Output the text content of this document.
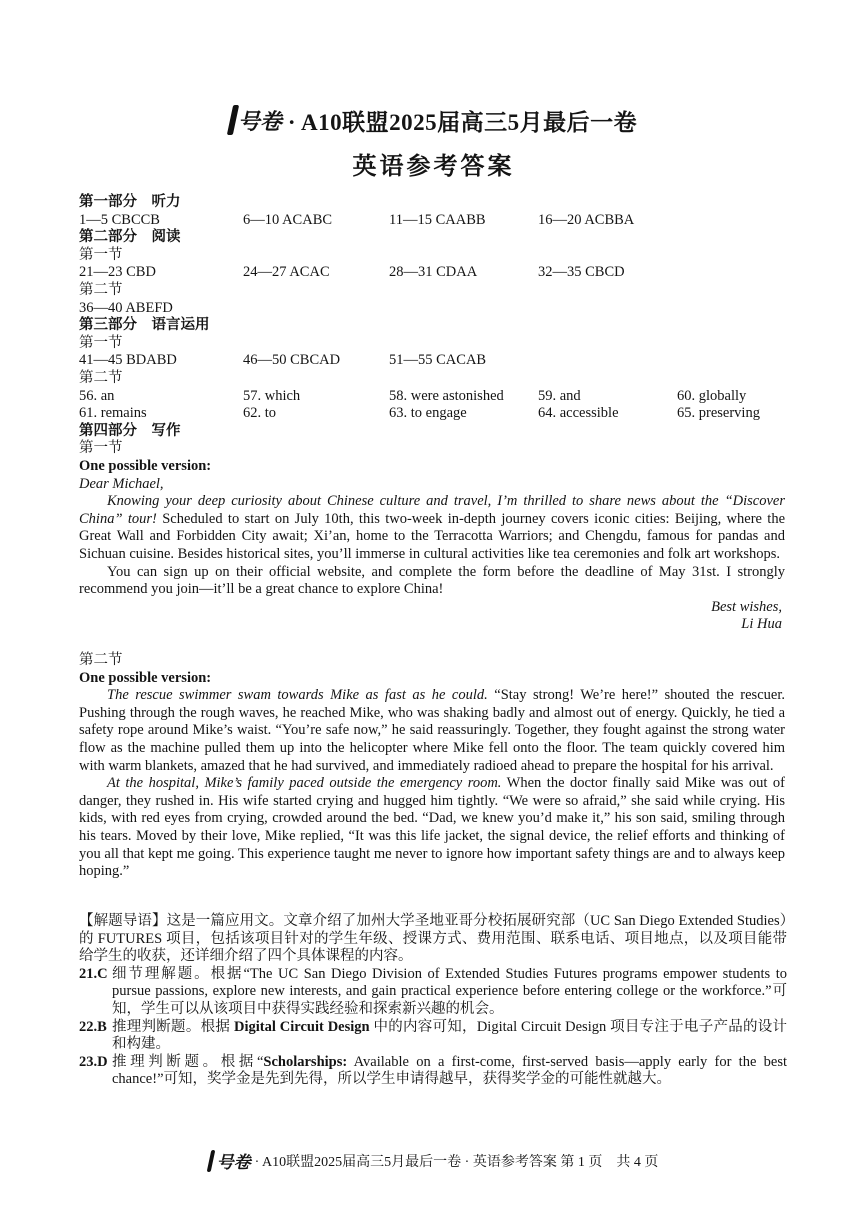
号卷 · A10联盟2025届高三5月最后一卷
英语参考答案
第一部分　听力
1—5 CBCCB	6—10 ACABC	11—15 CAABB	16—20 ACBBA
第二部分　阅读
第一节
21—23 CBD	24—27 ACAC	28—31 CDAA	32—35 CBCD
第二节
36—40 ABEFD
第三部分　语言运用
第一节
41—45 BDABD	46—50 CBCAD	51—55 CACAB
第二节
56. an	57. which	58. were astonished	59. and	60. globally
61. remains	62. to	63. to engage	64. accessible	65. preserving
第四部分　写作
第一节

One possible version:

Dear Michael,

Knowing your deep curiosity about Chinese culture and travel, I’m thrilled to share news about the “Discover China” tour! Scheduled to start on July 10th, this two-week in-depth journey covers iconic cities: Beijing, where the Great Wall and Forbidden City await; Xi’an, home to the Terracotta Warriors; and Chengdu, famous for pandas and Sichuan cuisine. Besides historical sites, you’ll immerse in cultural activities like tea ceremonies and folk art workshops.

You can sign up on their official website, and complete the form before the deadline of May 31st. I strongly recommend you join—it’ll be a great chance to explore China!

Best wishes,

Li Hua

第二节

One possible version:

The rescue swimmer swam towards Mike as fast as he could. “Stay strong! We’re here!” shouted the rescuer. Pushing through the rough waves, he reached Mike, who was shaking badly and almost out of energy. Quickly, he tied a safety rope around Mike’s waist. “You’re safe now,” he said reassuringly. Together, they fought against the strong water flow as the machine pulled them up into the helicopter where Mike fell onto the floor. The team quickly covered him with warm blankets, amazed that he had survived, and immediately radioed ahead to prepare the hospital for his arrival.

At the hospital, Mike’s family paced outside the emergency room. When the doctor finally said Mike was out of danger, they rushed in. His wife started crying and hugged him tightly. “We were so afraid,” she said while crying. His kids, with red eyes from crying, crowded around the bed. “Dad, we knew you’d make it,” his son said, smiling through his tears. Moved by their love, Mike replied, “It was this life jacket, the signal device, the relief efforts and thinking of you all that kept me going. This experience taught me never to ignore how important safety things are and to always keep hoping.”

【解题导语】这是一篇应用文。文章介绍了加州大学圣地亚哥分校拓展研究部（UC San Diego Extended Studies）的 FUTURES 项目，包括该项目针对的学生年级、授课方式、费用范围、联系电话、项目地点，以及项目能带给学生的收获，还详细介绍了四个具体课程的内容。

21.C 细节理解题。根据“The UC San Diego Division of Extended Studies Futures programs empower students to pursue passions, explore new interests, and gain practical experience before entering college or the workforce.”可知，学生可以从该项目中获得实践经验和探索新兴趣的机会。
22.B 推理判断题。根据 Digital Circuit Design 中的内容可知，Digital Circuit Design 项目专注于电子产品的设计和构建。
23.D 推理判断题。根据“Scholarships: Available on a first-come, first-served basis—apply early for the best chance!”可知，奖学金是先到先得，所以学生申请得越早，获得奖学金的可能性就越大。
号卷 · A10联盟2025届高三5月最后一卷 · 英语参考答案 第 1 页　共 4 页
